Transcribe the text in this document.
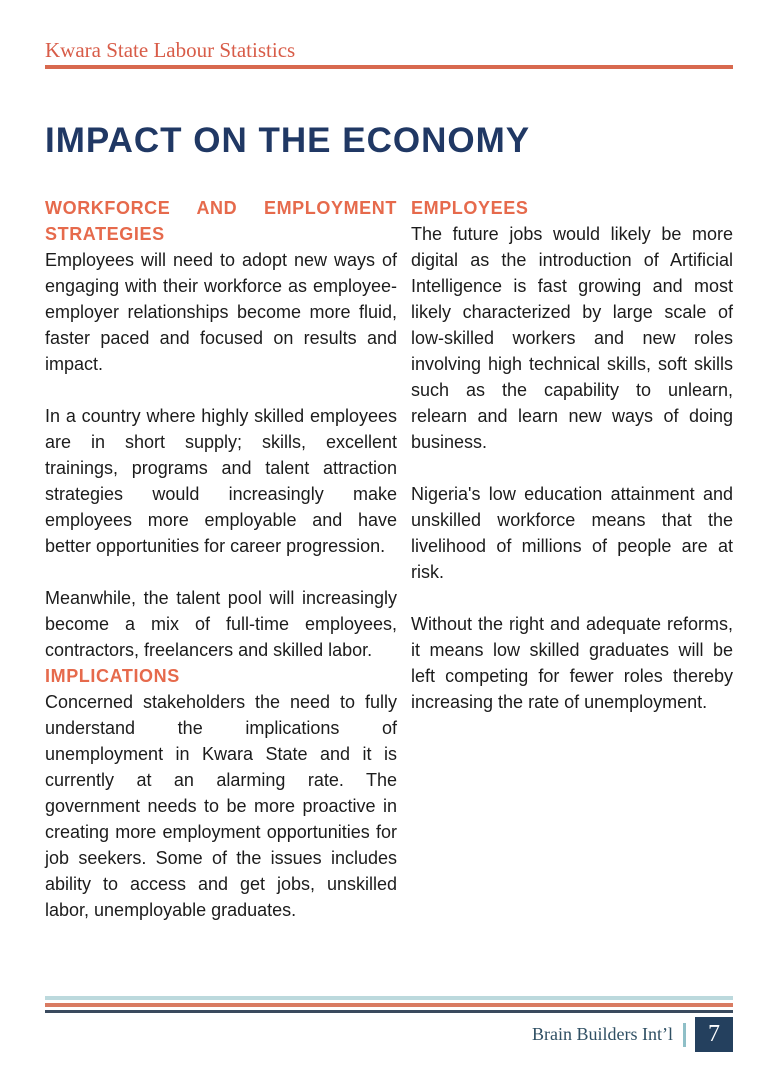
Kwara State Labour Statistics
IMPACT ON THE ECONOMY
WORKFORCE AND EMPLOYMENT STRATEGIES

Employees will need to adopt new ways of engaging with their workforce as employee-employer relationships become more fluid, faster paced and focused on results and impact.

In a country where highly skilled employees are in short supply; skills, excellent trainings, programs and talent attraction strategies would increasingly make employees more employable and have better opportunities for career progression.

Meanwhile, the talent pool will increasingly become a mix of full-time employees, contractors, freelancers and skilled labor.

IMPLICATIONS

Concerned stakeholders the need to fully understand the implications of unemployment in Kwara State and it is currently at an alarming rate. The government needs to be more proactive in creating more employment opportunities for job seekers. Some of the issues includes ability to access and get jobs, unskilled labor, unemployable graduates.

EMPLOYEES

The future jobs would likely be more digital as the introduction of Artificial Intelligence is fast growing and most likely characterized by large scale of low-skilled workers and new roles involving high technical skills, soft skills such as the capability to unlearn, relearn and learn new ways of doing business.

Nigeria's low education attainment and unskilled workforce means that the livelihood of millions of people are at risk.

Without the right and adequate reforms, it means low skilled graduates will be left competing for fewer roles thereby increasing the rate of unemployment.

Brain Builders Int’l 7
